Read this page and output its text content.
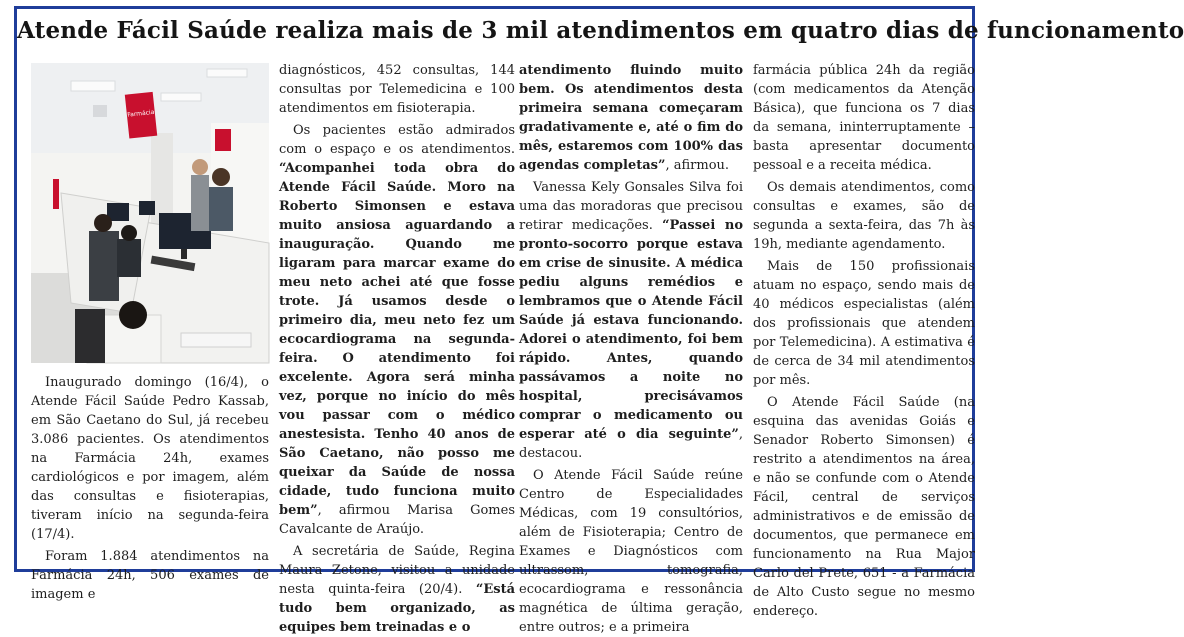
Atende Fácil Saúde realiza mais de 3 mil atendimentos em quatro dias de funcionamento
Farmácia

Inaugurado domingo (16/4), o Atende Fácil Saúde Pedro Kassab, em São Caetano do Sul, já recebeu 3.086 pacientes. Os atendimentos na Farmácia 24h, exames cardiológicos e por imagem, além das consultas e fisioterapias, tiveram início na segunda-feira (17/4).

Foram 1.884 atendimentos na Farmácia 24h, 506 exames de imagem e

diagnósticos, 452 consultas, 144 consultas por Telemedicina e 100 atendimentos em fisioterapia.

Os pacientes estão admirados com o espaço e os atendimentos. “Acompanhei toda obra do Atende Fácil Saúde. Moro na Roberto Simonsen e estava muito ansiosa aguardando a inauguração. Quando me ligaram para marcar exame do meu neto achei até que fosse trote. Já usamos desde o primeiro dia, meu neto fez um ecocardiograma na segunda-feira. O atendimento foi excelente. Agora será minha vez, porque no início do mês vou passar com o médico anestesista. Tenho 40 anos de São Caetano, não posso me queixar da Saúde de nossa cidade, tudo funciona muito bem”, afirmou Marisa Gomes Cavalcante de Araújo.

A secretária de Saúde, Regina Maura Zetone, visitou a unidade nesta quinta-feira (20/4). “Está tudo bem organizado, as equipes bem treinadas e o

atendimento fluindo muito bem. Os atendimentos desta primeira semana começaram gradativamente e, até o fim do mês, estaremos com 100% das agendas completas”, afirmou.

Vanessa Kely Gonsales Silva foi uma das moradoras que precisou retirar medicações. “Passei no pronto-socorro porque estava em crise de sinusite. A médica pediu alguns remédios e lembramos que o Atende Fácil Saúde já estava funcionando. Adorei o atendimento, foi bem rápido. Antes, quando passávamos a noite no hospital, precisávamos comprar o medicamento ou esperar até o dia seguinte”, destacou.

O Atende Fácil Saúde reúne Centro de Especialidades Médicas, com 19 consultórios, além de Fisioterapia; Centro de Exames e Diagnósticos com ultrassom, tomografia, ecocardiograma e ressonância magnética de última geração, entre outros; e a primeira

farmácia pública 24h da região (com medicamentos da Atenção Básica), que funciona os 7 dias da semana, ininterruptamente – basta apresentar documento pessoal e a receita médica.

Os demais atendimentos, como consultas e exames, são de segunda a sexta-feira, das 7h às 19h, mediante agendamento.

Mais de 150 profissionais atuam no espaço, sendo mais de 40 médicos especialistas (além dos profissionais que atendem por Telemedicina). A estimativa é de cerca de 34 mil atendimentos por mês.

O Atende Fácil Saúde (na esquina das avenidas Goiás e Senador Roberto Simonsen) é restrito a atendimentos na área, e não se confunde com o Atende Fácil, central de serviços administrativos e de emissão de documentos, que permanece em funcionamento na Rua Major Carlo del Prete, 651 - a Farmácia de Alto Custo segue no mesmo endereço.
